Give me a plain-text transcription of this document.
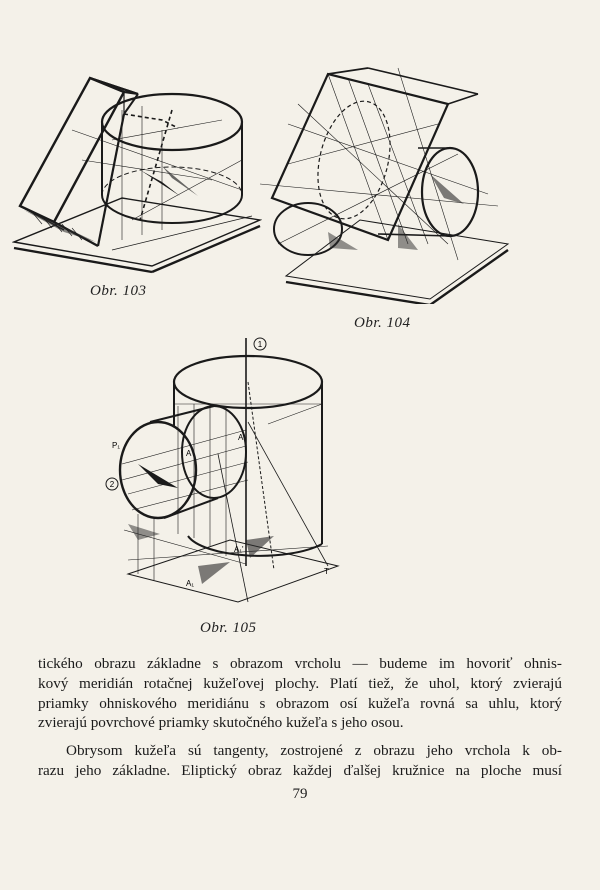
Obr. 103
Obr. 104
1
2
P₁
A
A'
A₁
A₁'
T
Obr. 105

tického obrazu základne s obrazom vrcholu — budeme im hovoriť ohnis-
kový meridián rotačnej kužeľovej plochy. Platí tiež, že uhol, ktorý zvierajú
priamky ohniskového meridiánu s obrazom osí kužeľa rovná sa uhlu, ktorý
zvierajú povrchové priamky skutočného kužeľa s jeho osou.

Obrysom kužeľa sú tangenty, zostrojené z obrazu jeho vrchola k ob-
razu jeho základne. Eliptický obraz každej ďalšej kružnice na ploche musí

79
